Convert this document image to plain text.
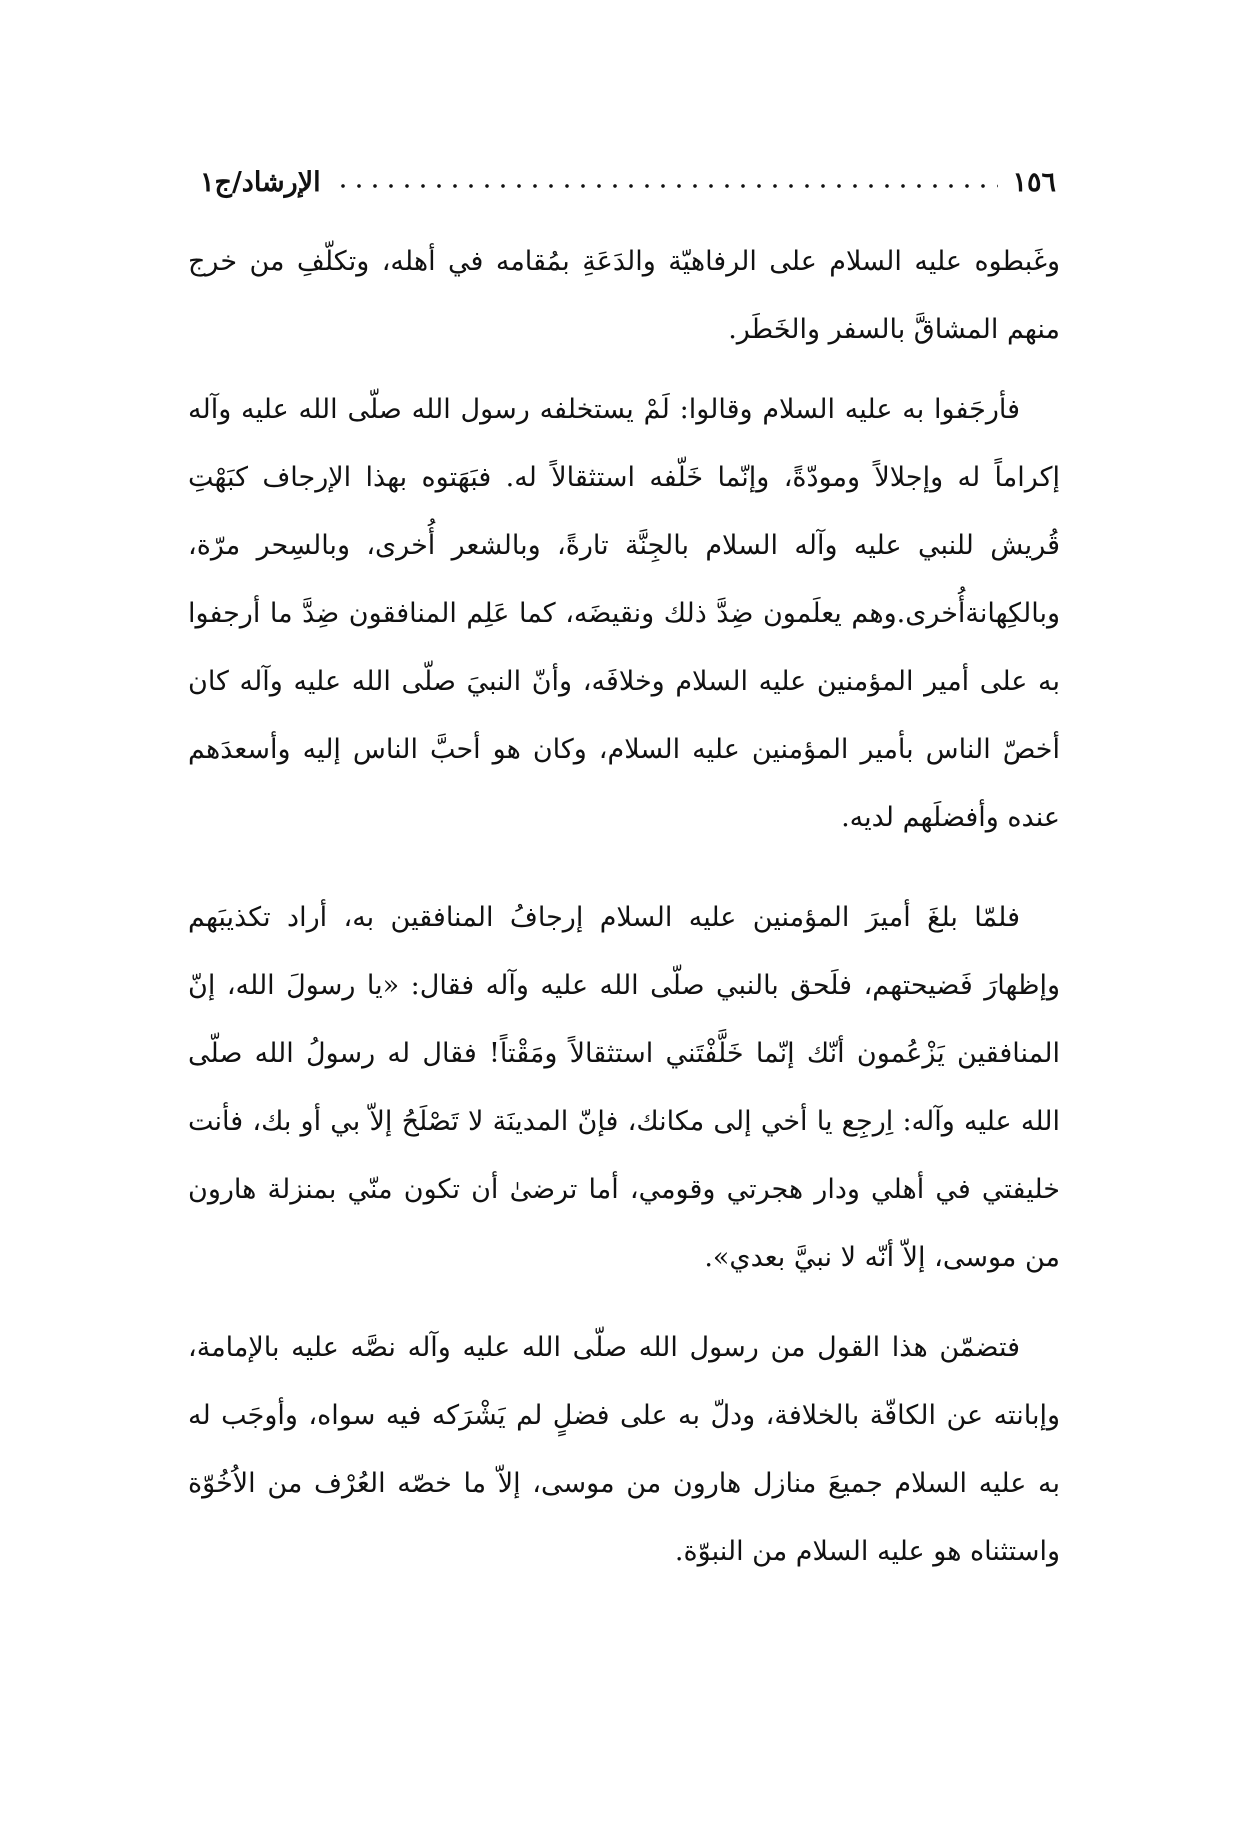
١٥٦
الإرشاد/ج١

وغَبطوه عليه السلام على الرفاهيّة والدَعَةِ بمُقامه في أهله، وتكلّفِ من خرج منهم المشاقَّ بالسفر والخَطَر.

فأرجَفوا به عليه السلام وقالوا: لَمْ يستخلفه رسول الله صلّى الله عليه وآله إكراماً له وإجلالاً ومودّةً، وإنّما خَلّفه استثقالاً له. فبَهَتوه بهذا الإرجاف كبَهْتِ قُريش للنبي عليه وآله السلام بالجِنَّة تارةً، وبالشعر أُخرى، وبالسِحر مرّة، وبالكِهانةأُخرى.وهم يعلَمون ضِدَّ ذلك ونقيضَه، كما عَلِم المنافقون ضِدَّ ما أرجفوا به على أمير المؤمنين عليه السلام وخلافَه، وأنّ النبيَ صلّى الله عليه وآله كان أخصّ الناس بأمير المؤمنين عليه السلام، وكان هو أحبَّ الناس إليه وأسعدَهم عنده وأفضلَهم لديه.

فلمّا بلغَ أميرَ المؤمنين عليه السلام إرجافُ المنافقين به، أراد تكذيبَهم وإظهارَ فَضيحتهم، فلَحق بالنبي صلّى الله عليه وآله فقال: «يا رسولَ الله، إنّ المنافقين يَزْعُمون أنّك إنّما خَلَّفْتَني استثقالاً ومَقْتاً! فقال له رسولُ الله صلّى الله عليه وآله: اِرجِع يا أخي إلى مكانك، فإنّ المدينَة لا تَصْلَحُ إلاّ بي أو بك، فأنت خليفتي في أهلي ودار هجرتي وقومي، أما ترضىٰ أن تكون منّي بمنزلة هارون من موسى، إلاّ أنّه لا نبيَّ بعدي».

فتضمّن هذا القول من رسول الله صلّى الله عليه وآله نصَّه عليه بالإمامة، وإبانته عن الكافّة بالخلافة، ودلّ به على فضلٍ لم يَشْرَكه فيه سواه، وأوجَب له به عليه السلام جميعَ منازل هارون من موسى، إلاّ ما خصّه العُرْف من الاُخُوّة واستثناه هو عليه السلام من النبوّة.
